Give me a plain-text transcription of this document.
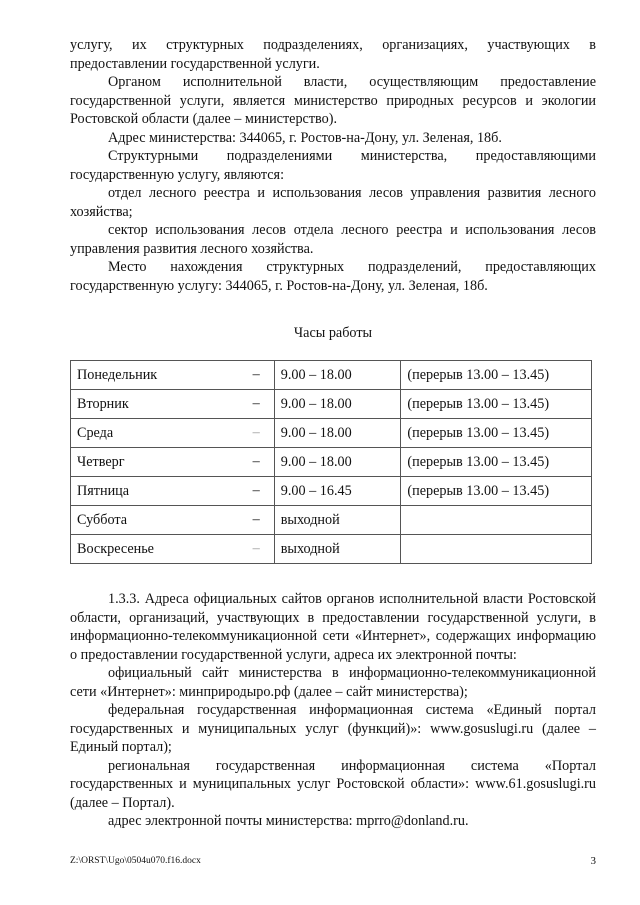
услугу, их структурных подразделениях, организациях, участвующих в предоставлении государственной услуги.

Органом исполнительной власти, осуществляющим предоставление государственной услуги, является министерство природных ресурсов и экологии Ростовской области (далее – министерство).

Адрес министерства: 344065, г. Ростов-на-Дону, ул. Зеленая, 18б.

Структурными подразделениями министерства, предоставляющими государственную услугу, являются:

отдел лесного реестра и использования лесов управления развития лесного хозяйства;

сектор использования лесов отдела лесного реестра и использования лесов управления развития лесного хозяйства.

Место нахождения структурных подразделений, предоставляющих государственную услугу: 344065, г. Ростов-на-Дону, ул. Зеленая, 18б.

Часы работы
Понедельник –	9.00 – 18.00	(перерыв 13.00 – 13.45)
Вторник –	9.00 – 18.00	(перерыв 13.00 – 13.45)
Среда –	9.00 – 18.00	(перерыв 13.00 – 13.45)
Четверг –	9.00 – 18.00	(перерыв 13.00 – 13.45)
Пятница –	9.00 – 16.45	(перерыв 13.00 – 13.45)
Суббота –	выходной	
Воскресенье –	выходной	

1.3.3. Адреса официальных сайтов органов исполнительной власти Ростовской области, организаций, участвующих в предоставлении государственной услуги, в информационно-телекоммуникационной сети «Интернет», содержащих информацию о предоставлении государственной услуги, адреса их электронной почты:

официальный сайт министерства в информационно-телекоммуникационной сети «Интернет»: минприродыро.рф (далее – сайт министерства);

федеральная государственная информационная система «Единый портал государственных и муниципальных услуг (функций)»: www.gosuslugi.ru (далее – Единый портал);

региональная государственная информационная система «Портал государственных и муниципальных услуг Ростовской области»: www.61.gosuslugi.ru (далее – Портал).

адрес электронной почты министерства: mprro@donland.ru.

Z:\ORST\Ugo\0504u070.f16.docx	3
